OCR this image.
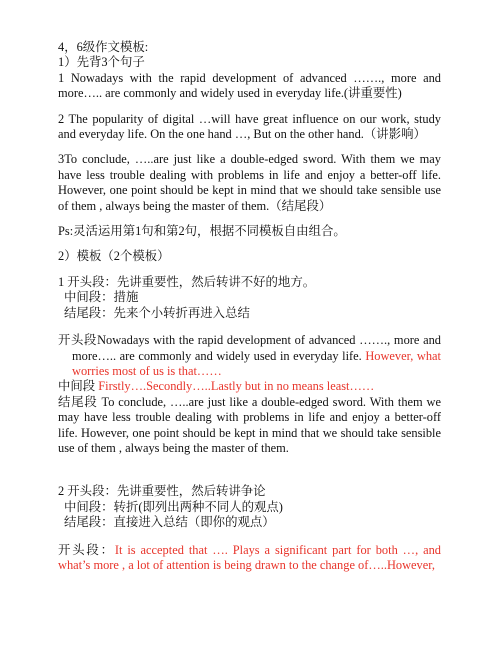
4，6级作文模板:
1）先背3个句子
1 Nowadays with the rapid development of advanced ……., more and more….. are commonly and widely used in everyday life.(讲重要性)
2 The popularity of digital …will have great influence on our work, study and everyday life. On the one hand …, But on the other hand.（讲影响）
3To conclude, …..are just like a double-edged sword. With them we may have less trouble dealing with problems in life and enjoy a better-off life. However, one point should be kept in mind that we should take sensible use of them , always being the master of them.（结尾段）
Ps:灵活运用第1句和第2句，根据不同模板自由组合。
2）模板（2个模板）
1 开头段：先讲重要性，然后转讲不好的地方。
中间段：措施
结尾段：先来个小转折再进入总结
开头段Nowadays with the rapid development of advanced ……., more and more….. are commonly and widely used in everyday life. However, what worries most of us is that……
中间段 Firstly….Secondly…..Lastly but in no means least……
结尾段 To conclude, …..are just like a double-edged sword. With them we may have less trouble dealing with problems in life and enjoy a better-off life. However, one point should be kept in mind that we should take sensible use of them , always being the master of them.
2 开头段：先讲重要性，然后转讲争论
中间段：转折(即列出两种不同人的观点)
结尾段：直接进入总结（即你的观点）
开头段：It is accepted that …. Plays a significant part for both …, and what’s more , a lot of attention is being drawn to the change of…..However,
